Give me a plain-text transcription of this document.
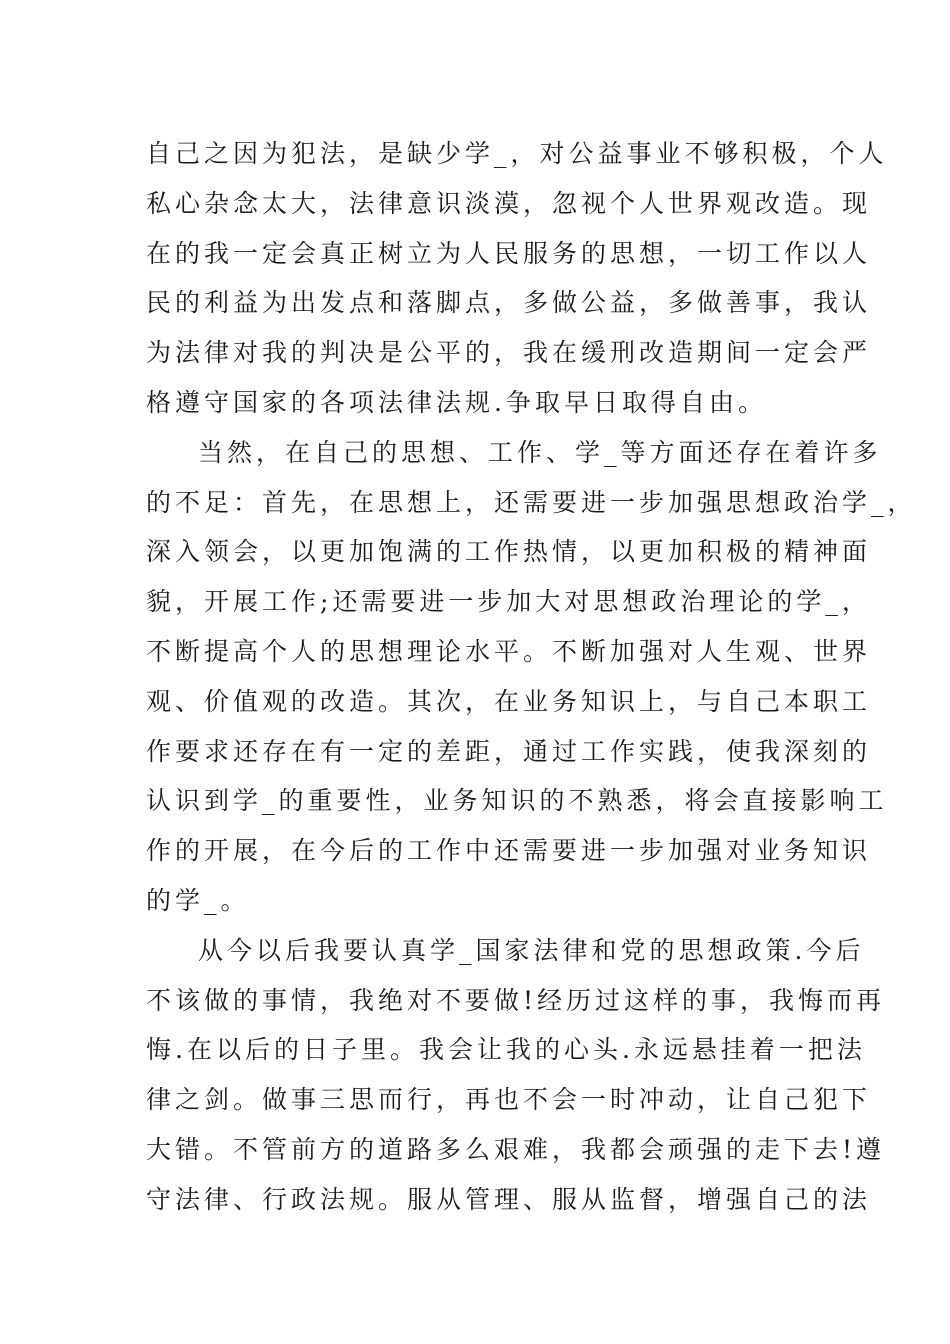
自己之因为犯法，是缺少学_，对公益事业不够积极，个人
私心杂念太大，法律意识淡漠，忽视个人世界观改造。现
在的我一定会真正树立为人民服务的思想，一切工作以人
民的利益为出发点和落脚点，多做公益，多做善事，我认
为法律对我的判决是公平的，我在缓刑改造期间一定会严
格遵守国家的各项法律法规.争取早日取得自由。
当然，在自己的思想、工作、学_等方面还存在着许多
的不足：首先，在思想上，还需要进一步加强思想政治学_，
深入领会，以更加饱满的工作热情，以更加积极的精神面
貌，开展工作;还需要进一步加大对思想政治理论的学_，
不断提高个人的思想理论水平。不断加强对人生观、世界
观、价值观的改造。其次，在业务知识上，与自己本职工
作要求还存在有一定的差距，通过工作实践，使我深刻的
认识到学_的重要性，业务知识的不熟悉，将会直接影响工
作的开展，在今后的工作中还需要进一步加强对业务知识
的学_。
从今以后我要认真学_国家法律和党的思想政策.今后
不该做的事情，我绝对不要做!经历过这样的事，我悔而再
悔.在以后的日子里。我会让我的心头.永远悬挂着一把法
律之剑。做事三思而行，再也不会一时冲动，让自己犯下
大错。不管前方的道路多么艰难，我都会顽强的走下去!遵
守法律、行政法规。服从管理、服从监督，增强自己的法
